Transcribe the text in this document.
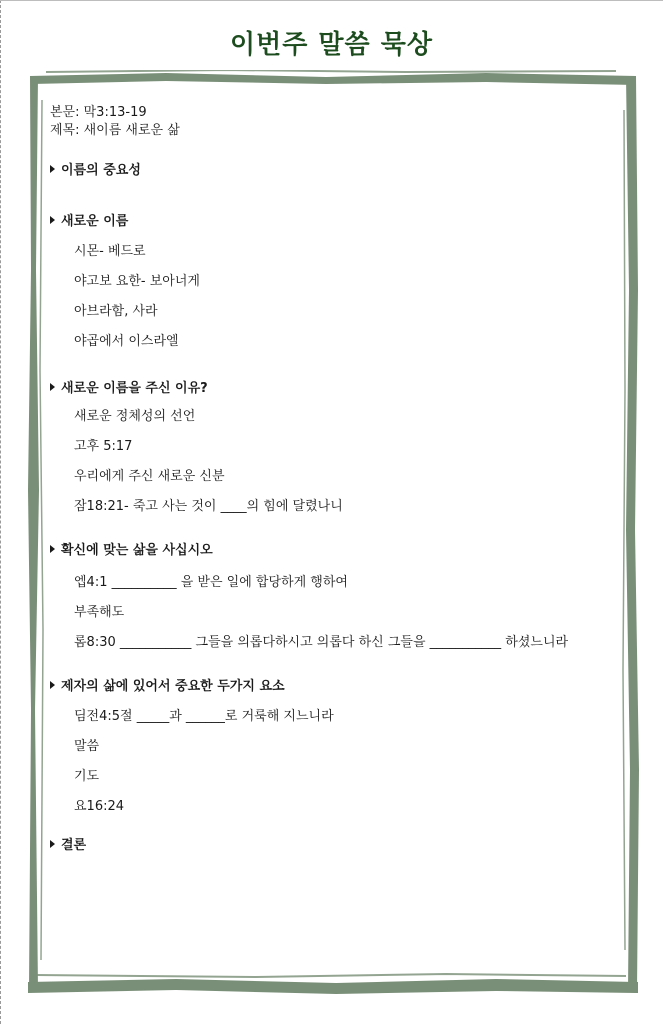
이번주 말씀 묵상
본문: 막3:13-19
제목: 새이름 새로운 삶
이름의 중요성
새로운 이름
시몬- 베드로
야고보 요한- 보아너게
아브라함, 사라
야곱에서 이스라엘
새로운 이름을 주신 이유?
새로운 정체성의 선언
고후 5:17
우리에게 주신 새로운 신분
잠18:21- 죽고 사는 것이 ____의 힘에 달렸나니
확신에 맞는 삶을 사십시오
엡4:1 __________ 을 받은 일에 합당하게 행하여
부족해도
롬8:30 ___________ 그들을 의롭다하시고 의롭다 하신 그들을 ___________ 하셨느니라
제자의 삶에 있어서 중요한 두가지 요소
딤전4:5절 _____과 ______로 거룩해 지느니라
말씀
기도
요16:24
결론
